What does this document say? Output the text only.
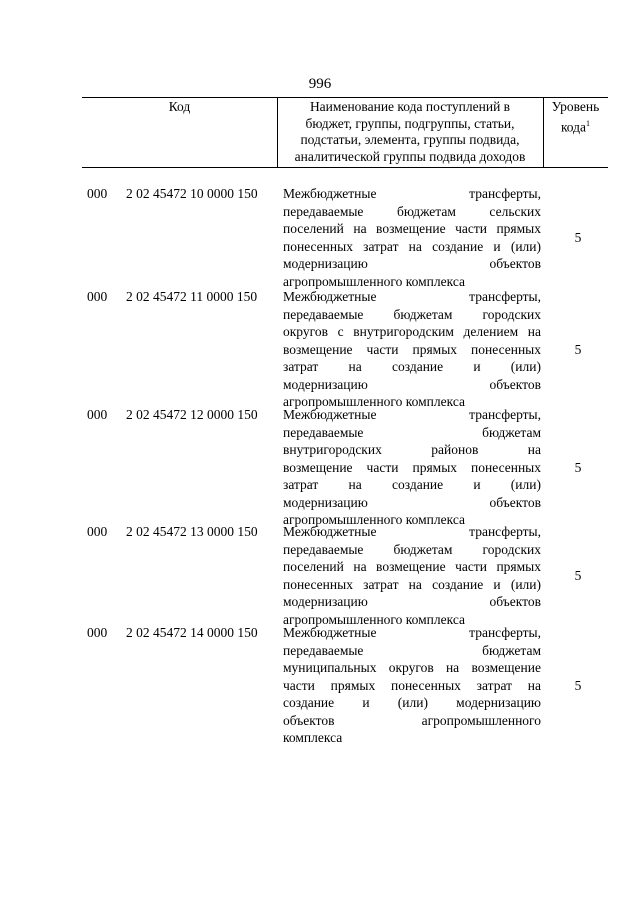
996
Код	Наименование кода поступлений в
бюджет, группы, подгруппы, статьи,
подстатьи, элемента, группы подвида,
аналитической группы подвида доходов
Уровень
кода$^1$
000 2 02 45472 10 0000 150 Межбюджетные трансферты,
передаваемые бюджетам сельских
поселений на возмещение части прямых
понесенных затрат на создание и (или)
модернизацию объектов
агропромышленного комплекса
5
000 2 02 45472 11 0000 150 Межбюджетные трансферты,
передаваемые бюджетам городских
округов с внутригородским делением на
возмещение части прямых понесенных
затрат на создание и (или)
модернизацию объектов
агропромышленного комплекса
5
000 2 02 45472 12 0000 150 Межбюджетные трансферты,
передаваемые бюджетам
внутригородских районов на
возмещение части прямых понесенных
затрат на создание и (или)
модернизацию объектов
агропромышленного комплекса
5
000 2 02 45472 13 0000 150 Межбюджетные трансферты,
передаваемые бюджетам городских
поселений на возмещение части прямых
понесенных затрат на создание и (или)
модернизацию объектов
агропромышленного комплекса
5
000 2 02 45472 14 0000 150 Межбюджетные трансферты,
передаваемые бюджетам
муниципальных округов на возмещение
части прямых понесенных затрат на
создание и (или) модернизацию
объектов агропромышленного
комплекса
5
